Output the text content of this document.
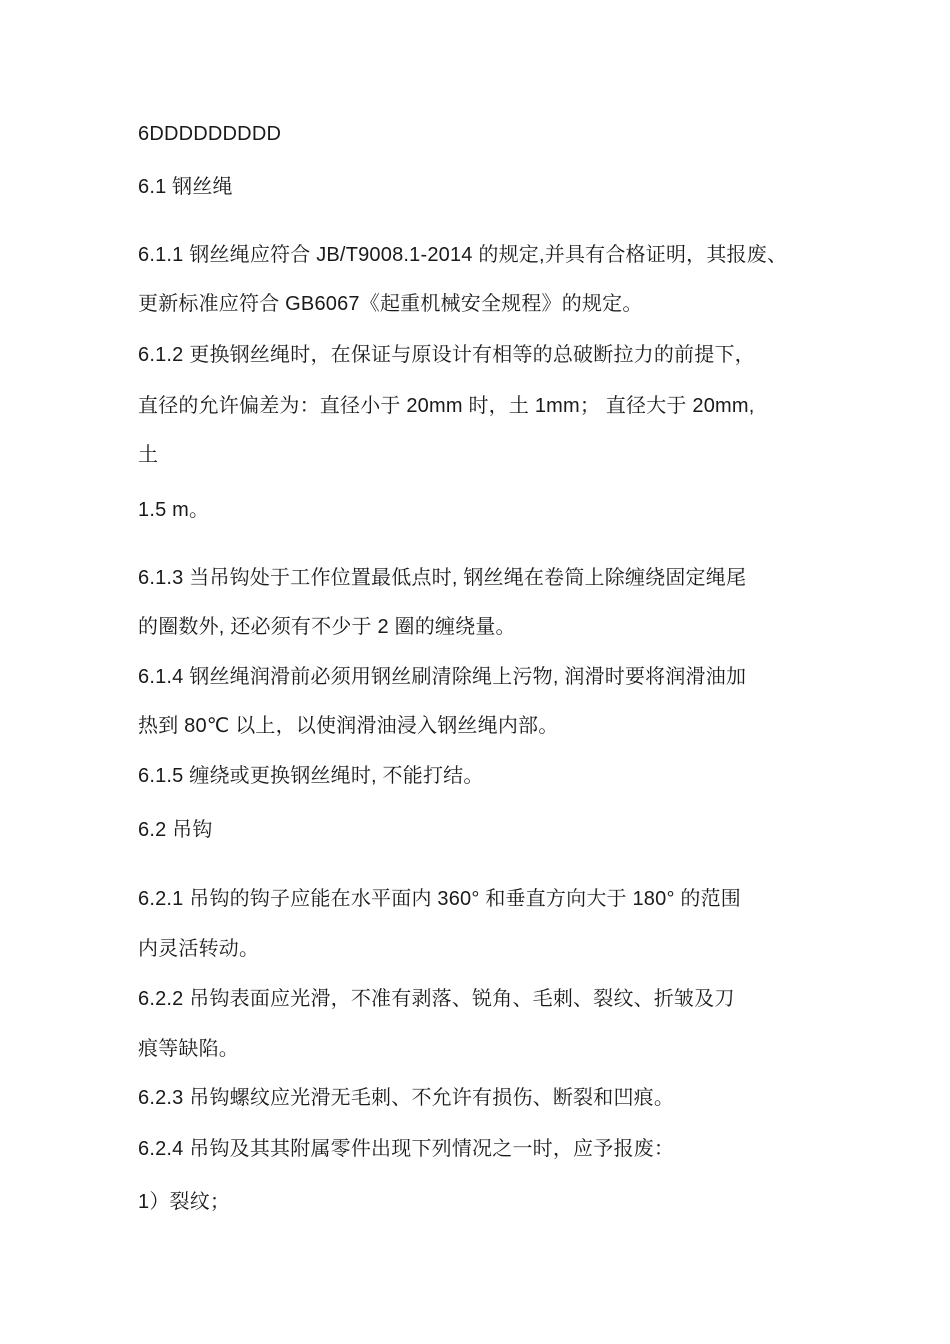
6DDDDDDDDD
6.1 钢丝绳
6.1.1 钢丝绳应符合 JB/T9008.1-2014 的规定,并具有合格证明，其报废、
更新标准应符合 GB6067《起重机械安全规程》的规定。
6.1.2 更换钢丝绳时，在保证与原设计有相等的总破断拉力的前提下，
直径的允许偏差为：直径小于 20mm 时，土 1mm； 直径大于 20mm,
土
1.5 m。
6.1.3 当吊钩处于工作位置最低点时, 钢丝绳在卷筒上除缠绕固定绳尾
的圈数外, 还必须有不少于 2 圈的缠绕量。
6.1.4 钢丝绳润滑前必须用钢丝刷清除绳上污物, 润滑时要将润滑油加
热到 80℃ 以上，以使润滑油浸入钢丝绳内部。
6.1.5 缠绕或更换钢丝绳时, 不能打结。
6.2 吊钩
6.2.1 吊钩的钩子应能在水平面内 360° 和垂直方向大于 180° 的范围
内灵活转动。
6.2.2 吊钩表面应光滑，不准有剥落、锐角、毛刺、裂纹、折皱及刀
痕等缺陷。
6.2.3 吊钩螺纹应光滑无毛刺、不允许有损伤、断裂和凹痕。
6.2.4 吊钩及其其附属零件出现下列情况之一时，应予报废：
1）裂纹；
